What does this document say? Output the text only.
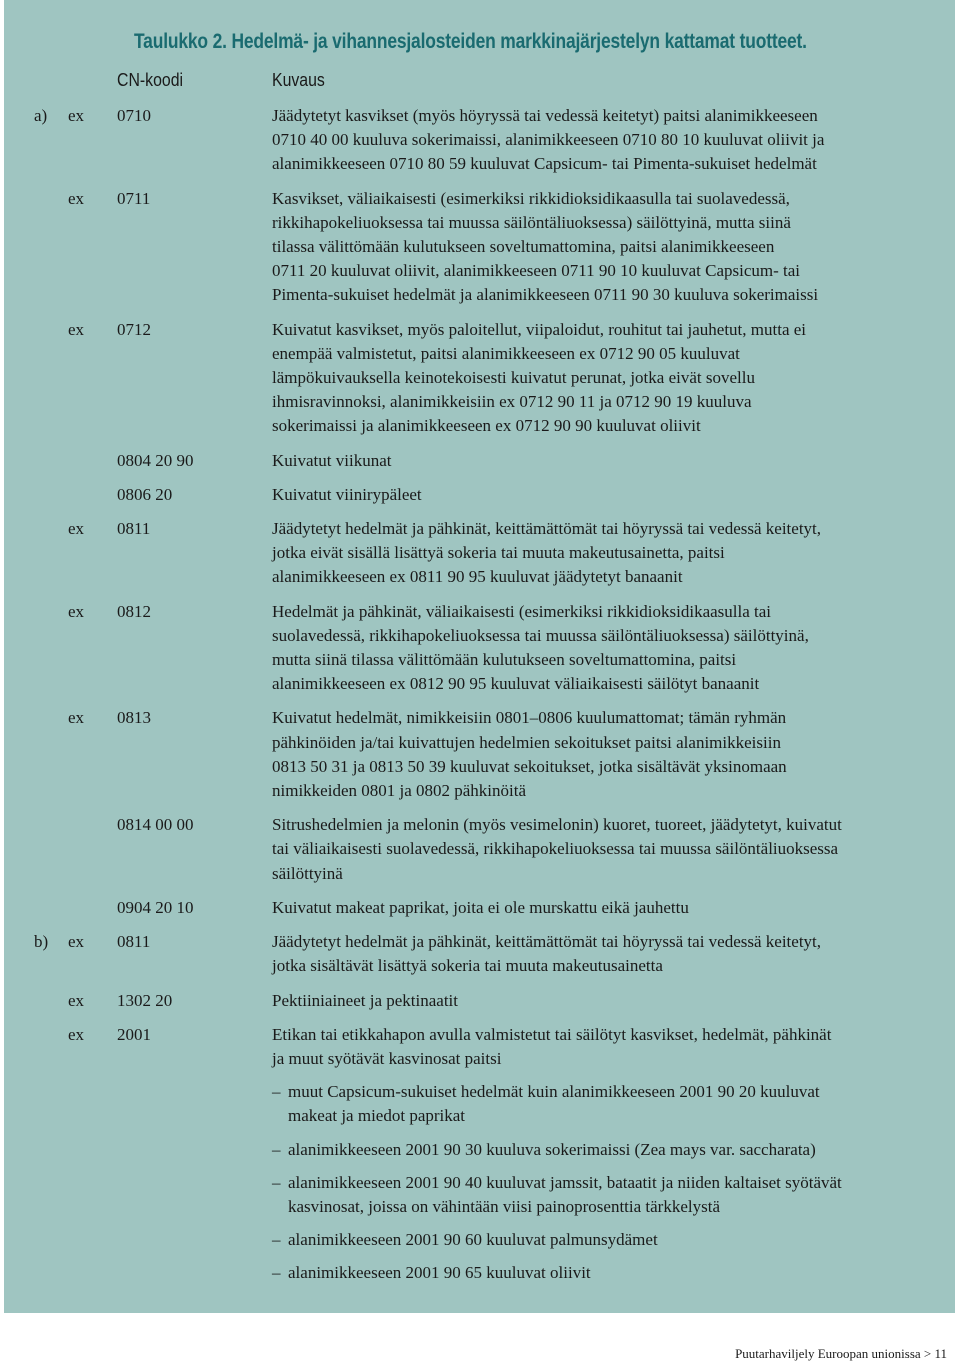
Taulukko 2. Hedelmä- ja vihannesjalosteiden markkinajärjestelyn kattamat tuotteet.
CN-koodi	Kuvaus
a)	ex	0710	Jäädytetyt kasvikset (myös höyryssä tai vedessä keitetyt) paitsi alanimikkeeseen

0710 40 00 kuuluva sokerimaissi, alanimikkeeseen 0710 80 10 kuuluvat oliivit ja

alanimikkeeseen 0710 80 59 kuuluvat Capsicum- tai Pimenta-sukuiset hedelmät

ex	0711	Kasvikset, väliaikaisesti (esimerkiksi rikkidioksidikaasulla tai suolavedessä,

rikkihapokeliuoksessa tai muussa säilöntäliuoksessa) säilöttyinä, mutta siinä

tilassa välittömään kulutukseen soveltumattomina, paitsi alanimikkeeseen

0711 20 kuuluvat oliivit, alanimikkeeseen 0711 90 10 kuuluvat Capsicum- tai

Pimenta-sukuiset hedelmät ja alanimikkeeseen 0711 90 30 kuuluva sokerimaissi

ex	0712	Kuivatut kasvikset, myös paloitellut, viipaloidut, rouhitut tai jauhetut, mutta ei

enempää valmistetut, paitsi alanimikkeeseen ex 0712 90 05 kuuluvat

lämpökuivauksella keinotekoisesti kuivatut perunat, jotka eivät sovellu

ihmisravinnoksi, alanimikkeisiin ex 0712 90 11 ja 0712 90 19 kuuluva

sokerimaissi ja alanimikkeeseen ex 0712 90 90 kuuluvat oliivit

0804 20 90	Kuivatut viikunat

0806 20	Kuivatut viinirypäleet

ex	0811	Jäädytetyt hedelmät ja pähkinät, keittämättömät tai höyryssä tai vedessä keitetyt,

jotka eivät sisällä lisättyä sokeria tai muuta makeutusainetta, paitsi

alanimikkeeseen ex 0811 90 95 kuuluvat jäädytetyt banaanit

ex	0812	Hedelmät ja pähkinät, väliaikaisesti (esimerkiksi rikkidioksidikaasulla tai

suolavedessä, rikkihapokeliuoksessa tai muussa säilöntäliuoksessa) säilöttyinä,

mutta siinä tilassa välittömään kulutukseen soveltumattomina, paitsi

alanimikkeeseen ex 0812 90 95 kuuluvat väliaikaisesti säilötyt banaanit

ex	0813	Kuivatut hedelmät, nimikkeisiin 0801–0806 kuulumattomat; tämän ryhmän

pähkinöiden ja/tai kuivattujen hedelmien sekoitukset paitsi alanimikkeisiin

0813 50 31 ja 0813 50 39 kuuluvat sekoitukset, jotka sisältävät yksinomaan

nimikkeiden 0801 ja 0802 pähkinöitä

0814 00 00	Sitrushedelmien ja melonin (myös vesimelonin) kuoret, tuoreet, jäädytetyt, kuivatut

tai väliaikaisesti suolavedessä, rikkihapokeliuoksessa tai muussa säilöntäliuoksessa

säilöttyinä

0904 20 10	Kuivatut makeat paprikat, joita ei ole murskattu eikä jauhettu

b)	ex	0811	Jäädytetyt hedelmät ja pähkinät, keittämättömät tai höyryssä tai vedessä keitetyt,

jotka sisältävät lisättyä sokeria tai muuta makeutusainetta

ex	1302 20	Pektiiniaineet ja pektinaatit

ex	2001	Etikan tai etikkahapon avulla valmistetut tai säilötyt kasvikset, hedelmät, pähkinät

ja muut syötävät kasvinosat paitsi

– muut Capsicum-sukuiset hedelmät kuin alanimikkeeseen 2001 90 20 kuuluvat

makeat ja miedot paprikat

– alanimikkeeseen 2001 90 30 kuuluva sokerimaissi (Zea mays var. saccharata)

– alanimikkeeseen 2001 90 40 kuuluvat jamssit, bataatit ja niiden kaltaiset syötävät

kasvinosat, joissa on vähintään viisi painoprosenttia tärkkelystä

– alanimikkeeseen 2001 90 60 kuuluvat palmunsydämet

– alanimikkeeseen 2001 90 65 kuuluvat oliivit

Puutarhaviljely Euroopan unionissa > 11
